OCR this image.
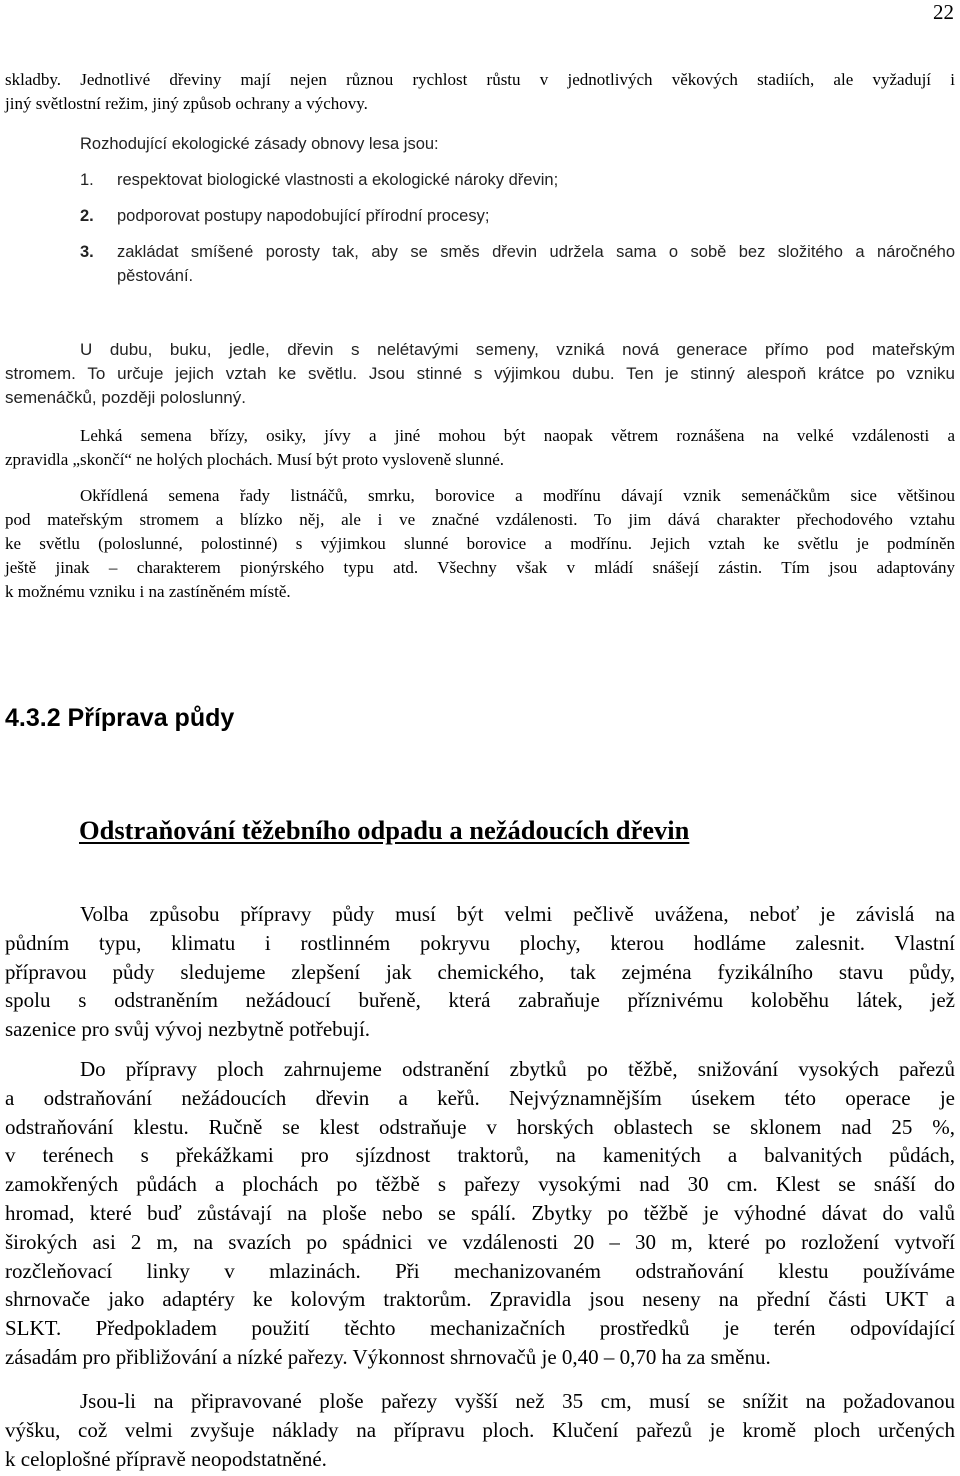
22
skladby. Jednotlivé dřeviny mají nejen různou rychlost růstu v jednotlivých věkových stadiích, ale vyžadují i
jiný světlostní režim, jiný způsob ochrany a výchovy.
Rozhodující ekologické zásady obnovy lesa jsou:
1. respektovat biologické vlastnosti a ekologické nároky dřevin;
2. podporovat postupy napodobující přírodní procesy;
3. zakládat smíšené porosty tak, aby se směs dřevin udržela sama o sobě bez složitého a náročného
pěstování.
U dubu, buku, jedle, dřevin s nelétavými semeny, vzniká nová generace přímo pod mateřským
stromem. To určuje jejich vztah ke světlu. Jsou stinné s výjimkou dubu. Ten je stinný alespoň krátce po vzniku
semenáčků, později poloslunný.
Lehká semena břízy, osiky, jívy a jiné mohou být naopak větrem roznášena na velké vzdálenosti a
zpravidla „skončí“ ne holých plochách. Musí být proto vysloveně slunné.
Okřídlená semena řady listnáčů, smrku, borovice a modřínu dávají vznik semenáčkům sice většinou
pod mateřským stromem a blízko něj, ale i ve značné vzdálenosti. To jim dává charakter přechodového vztahu
ke světlu (poloslunné, polostinné) s výjimkou slunné borovice a modřínu. Jejich vztah ke světlu je podmíněn
ještě jinak – charakterem pionýrského typu atd. Všechny však v mládí snášejí zástin. Tím jsou adaptovány
k možnému vzniku i na zastíněném místě.
4.3.2 Příprava půdy
Odstraňování těžebního odpadu a nežádoucích dřevin
Volba způsobu přípravy půdy musí být velmi pečlivě uvážena, neboť je závislá na
půdním typu, klimatu i rostlinném pokryvu plochy, kterou hodláme zalesnit. Vlastní
přípravou půdy sledujeme zlepšení jak chemického, tak zejména fyzikálního stavu půdy,
spolu s odstraněním nežádoucí buřeně, která zabraňuje příznivému koloběhu látek, jež
sazenice pro svůj vývoj nezbytně potřebují.
Do přípravy ploch zahrnujeme odstranění zbytků po těžbě, snižování vysokých pařezů
a odstraňování nežádoucích dřevin a keřů. Nejvýznamnějším úsekem této operace je
odstraňování klestu. Ručně se klest odstraňuje v horských oblastech se sklonem nad 25 %,
v terénech s překážkami pro sjízdnost traktorů, na kamenitých a balvanitých půdách,
zamokřených půdách a plochách po těžbě s pařezy vysokými nad 30 cm. Klest se snáší do
hromad, které buď zůstávají na ploše nebo se spálí. Zbytky po těžbě je výhodné dávat do valů
širokých asi 2 m, na svazích po spádnici ve vzdálenosti 20 – 30 m, které po rozložení vytvoří
rozčleňovací linky v mlazinách. Při mechanizovaném odstraňování klestu používáme
shrnovače jako adaptéry ke kolovým traktorům. Zpravidla jsou neseny na přední části UKT a
SLKT. Předpokladem použití těchto mechanizačních prostředků je terén odpovídající
zásadám pro přibližování a nízké pařezy. Výkonnost shrnovačů je 0,40 – 0,70 ha za směnu.
Jsou-li na připravované ploše pařezy vyšší než 35 cm, musí se snížit na požadovanou
výšku, což velmi zvyšuje náklady na přípravu ploch. Klučení pařezů je kromě ploch určených
k celoplošné přípravě neopodstatněné.
